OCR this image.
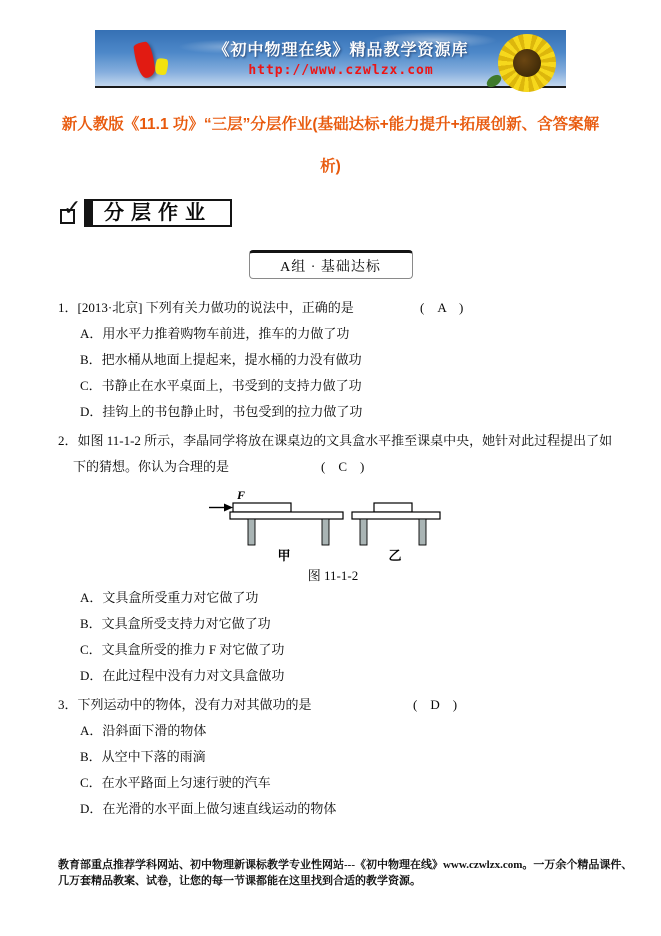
《初中物理在线》精品教学资源库
http://www.czwlzx.com
新人教版《11.1 功》“三层”分层作业(基础达标+能力提升+拓展创新、含答案解析)
✓	分层作业
A组 · 基础达标
1．[2013·北京] 下列有关力做功的说法中，正确的是	(　A　)
A．用水平力推着购物车前进，推车的力做了功
B．把水桶从地面上提起来，提水桶的力没有做功
C．书静止在水平桌面上，书受到的支持力做了功
D．挂钩上的书包静止时，书包受到的拉力做了功
2．如图 11-1-2 所示，李晶同学将放在课桌边的文具盒水平推至课桌中央，她针对此过程提出了如下的猜想。你认为合理的是	(　C　)
F
甲	乙
图 11-1-2
A．文具盒所受重力对它做了功
B．文具盒所受支持力对它做了功
C．文具盒所受的推力 F 对它做了功
D．在此过程中没有力对文具盒做功
3．下列运动中的物体，没有力对其做功的是	(　D　)
A．沿斜面下滑的物体
B．从空中下落的雨滴
C．在水平路面上匀速行驶的汽车
D．在光滑的水平面上做匀速直线运动的物体
教育部重点推荐学科网站、初中物理新课标教学专业性网站---《初中物理在线》www.czwlzx.com。一万余个精品课件、几万套精品教案、试卷，让您的每一节课都能在这里找到合适的教学资源。
